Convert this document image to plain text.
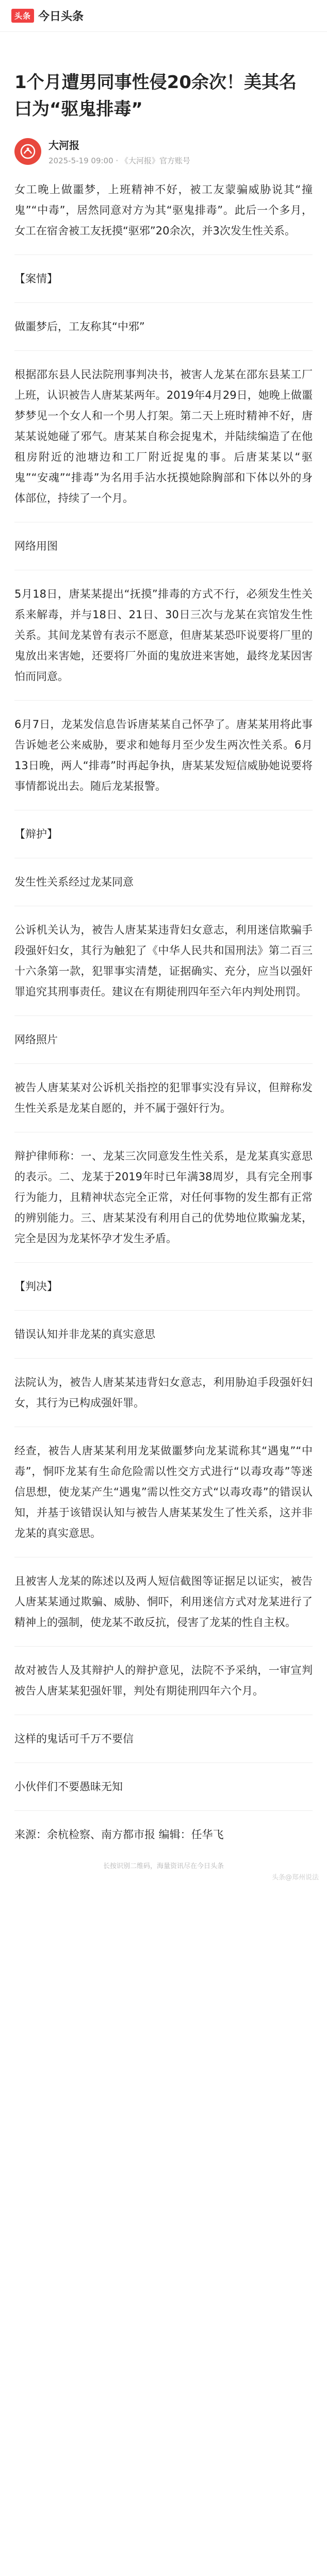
头条 今日头条
1个月遭男同事性侵20余次！美其名曰为“驱鬼排毒”
大河报
2025-5-19 09:00 · 《大河报》官方账号

女工晚上做噩梦，上班精神不好，被工友蒙骗威胁说其“撞鬼”“中毒”，居然同意对方为其“驱鬼排毒”。此后一个多月，女工在宿舍被工友抚摸“驱邪”20余次，并3次发生性关系。

【案情】
做噩梦后，工友称其“中邪”

根据邵东县人民法院刑事判决书，被害人龙某在邵东县某工厂上班，认识被告人唐某某两年。2019年4月29日，她晚上做噩梦梦见一个女人和一个男人打架。第二天上班时精神不好，唐某某说她碰了邪气。唐某某自称会捉鬼术，并陆续编造了在他租房附近的池塘边和工厂附近捉鬼的事。后唐某某以“驱鬼”“安魂”“排毒”为名用手沾水抚摸她除胸部和下体以外的身体部位，持续了一个月。

网络用图

5月18日，唐某某提出“抚摸”排毒的方式不行，必须发生性关系来解毒，并与18日、21日、30日三次与龙某在宾馆发生性关系。其间龙某曾有表示不愿意，但唐某某恐吓说要将厂里的鬼放出来害她，还要将厂外面的鬼放进来害她，最终龙某因害怕而同意。

6月7日，龙某发信息告诉唐某某自己怀孕了。唐某某用将此事告诉她老公来威胁，要求和她每月至少发生两次性关系。6月13日晚，两人“排毒”时再起争执，唐某某发短信威胁她说要将事情都说出去。随后龙某报警。

【辩护】
发生性关系经过龙某同意

公诉机关认为，被告人唐某某违背妇女意志，利用迷信欺骗手段强奸妇女，其行为触犯了《中华人民共和国刑法》第二百三十六条第一款，犯罪事实清楚，证据确实、充分，应当以强奸罪追究其刑事责任。建议在有期徒刑四年至六年内判处刑罚。

网络照片

被告人唐某某对公诉机关指控的犯罪事实没有异议，但辩称发生性关系是龙某自愿的，并不属于强奸行为。

辩护律师称：一、龙某三次同意发生性关系，是龙某真实意思的表示。二、龙某于2019年时已年满38周岁，具有完全刑事行为能力，且精神状态完全正常，对任何事物的发生都有正常的辨别能力。三、唐某某没有利用自己的优势地位欺骗龙某，完全是因为龙某怀孕才发生矛盾。

【判决】
错误认知并非龙某的真实意思

法院认为，被告人唐某某违背妇女意志，利用胁迫手段强奸妇女，其行为已构成强奸罪。

经查，被告人唐某某利用龙某做噩梦向龙某谎称其“遇鬼”“中毒”，恫吓龙某有生命危险需以性交方式进行“以毒攻毒”等迷信思想，使龙某产生“遇鬼”需以性交方式“以毒攻毒”的错误认知，并基于该错误认知与被告人唐某某发生了性关系，这并非龙某的真实意思。

且被害人龙某的陈述以及两人短信截图等证据足以证实，被告人唐某某通过欺骗、威胁、恫吓，利用迷信方式对龙某进行了精神上的强制，使龙某不敢反抗，侵害了龙某的性自主权。

故对被告人及其辩护人的辩护意见，法院不予采纳，一审宣判被告人唐某某犯强奸罪，判处有期徒刑四年六个月。

这样的鬼话可千万不要信

小伙伴们不要愚昧无知

来源：余杭检察、南方都市报 编辑：任华飞

长按识别二维码，海量资讯尽在今日头条
头条@郑州说法
